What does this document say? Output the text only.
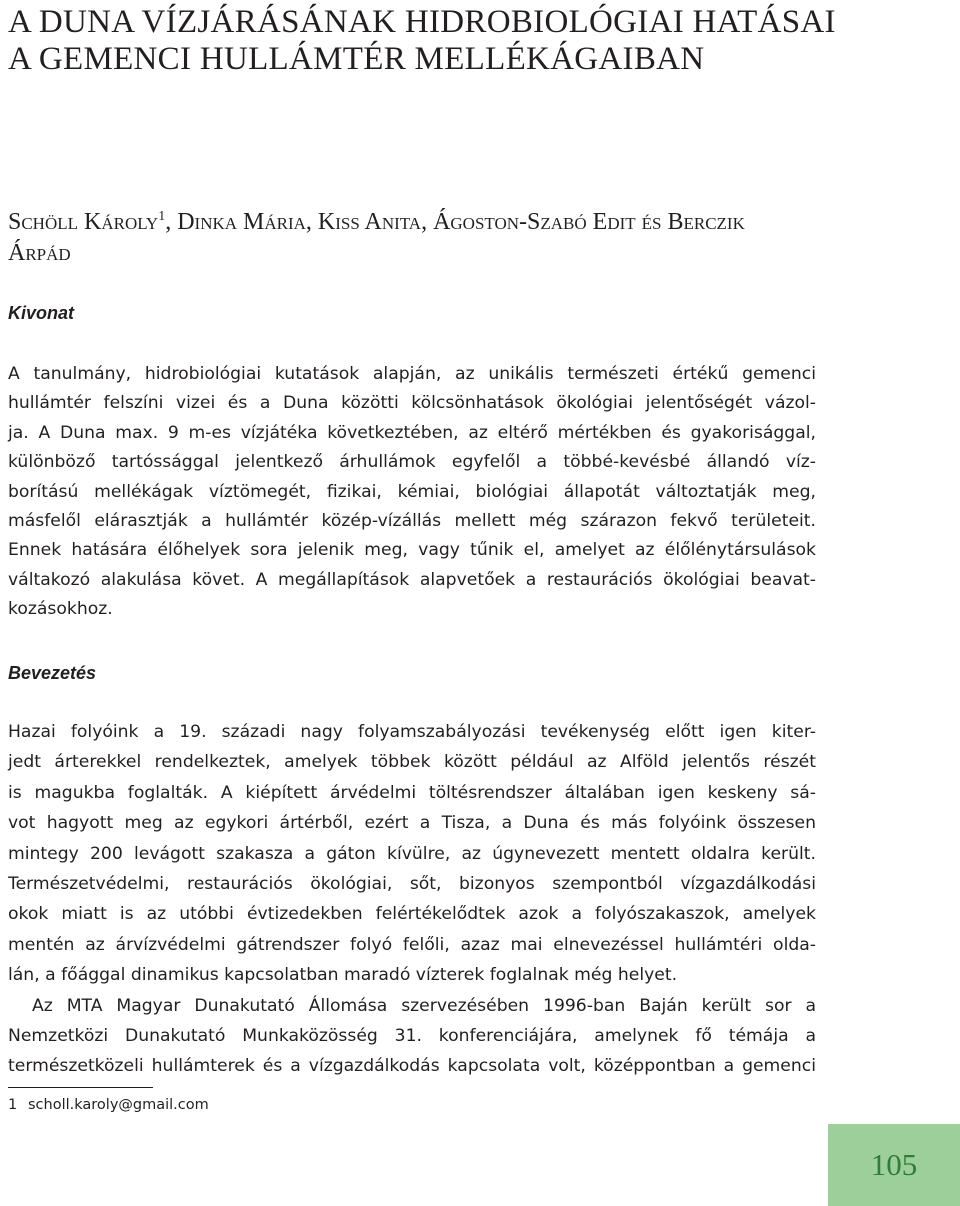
A DUNA VÍZJÁRÁSÁNAK HIDROBIOLÓGIAI HATÁSAI
A GEMENCI HULLÁMTÉR MELLÉKÁGAIBAN
Schöll Károly$^1$, Dinka Mária, Kiss Anita, Ágoston-Szabó Edit és Berczik
Árpád
Kivonat
A tanulmány, hidrobiológiai kutatások alapján, az unikális természeti értékű gemenci
hullámtér felszíni vizei és a Duna közötti kölcsönhatások ökológiai jelentőségét vázol-
ja. A Duna max. 9 m-es vízjátéka következtében, az eltérő mértékben és gyakorisággal,
különböző tartóssággal jelentkező árhullámok egyfelől a többé-kevésbé állandó víz-
borítású mellékágak víztömegét, fizikai, kémiai, biológiai állapotát változtatják meg,
másfelől elárasztják a hullámtér közép-vízállás mellett még szárazon fekvő területeit.
Ennek hatására élőhelyek sora jelenik meg, vagy tűnik el, amelyet az élőlénytársulások
váltakozó alakulása követ. A megállapítások alapvetőek a restaurációs ökológiai beavat-
kozásokhoz.
Bevezetés
Hazai folyóink a 19. századi nagy folyamszabályozási tevékenység előtt igen kiter-
jedt árterekkel rendelkeztek, amelyek többek között például az Alföld jelentős részét
is magukba foglalták. A kiépített árvédelmi töltésrendszer általában igen keskeny sá-
vot hagyott meg az egykori ártérből, ezért a Tisza, a Duna és más folyóink összesen
mintegy 200 levágott szakasza a gáton kívülre, az úgynevezett mentett oldalra került.
Természetvédelmi, restaurációs ökológiai, sőt, bizonyos szempontból vízgazdálkodási
okok miatt is az utóbbi évtizedekben felértékelődtek azok a folyószakaszok, amelyek
mentén az árvízvédelmi gátrendszer folyó felőli, azaz mai elnevezéssel hullámtéri olda-
lán, a főággal dinamikus kapcsolatban maradó vízterek foglalnak még helyet.
Az MTA Magyar Dunakutató Állomása szervezésében 1996-ban Baján került sor a
Nemzetközi Dunakutató Munkaközösség 31. konferenciájára, amelynek fő témája a
természetközeli hullámterek és a vízgazdálkodás kapcsolata volt, középpontban a gemenci
1 scholl.karoly@gmail.com
105
